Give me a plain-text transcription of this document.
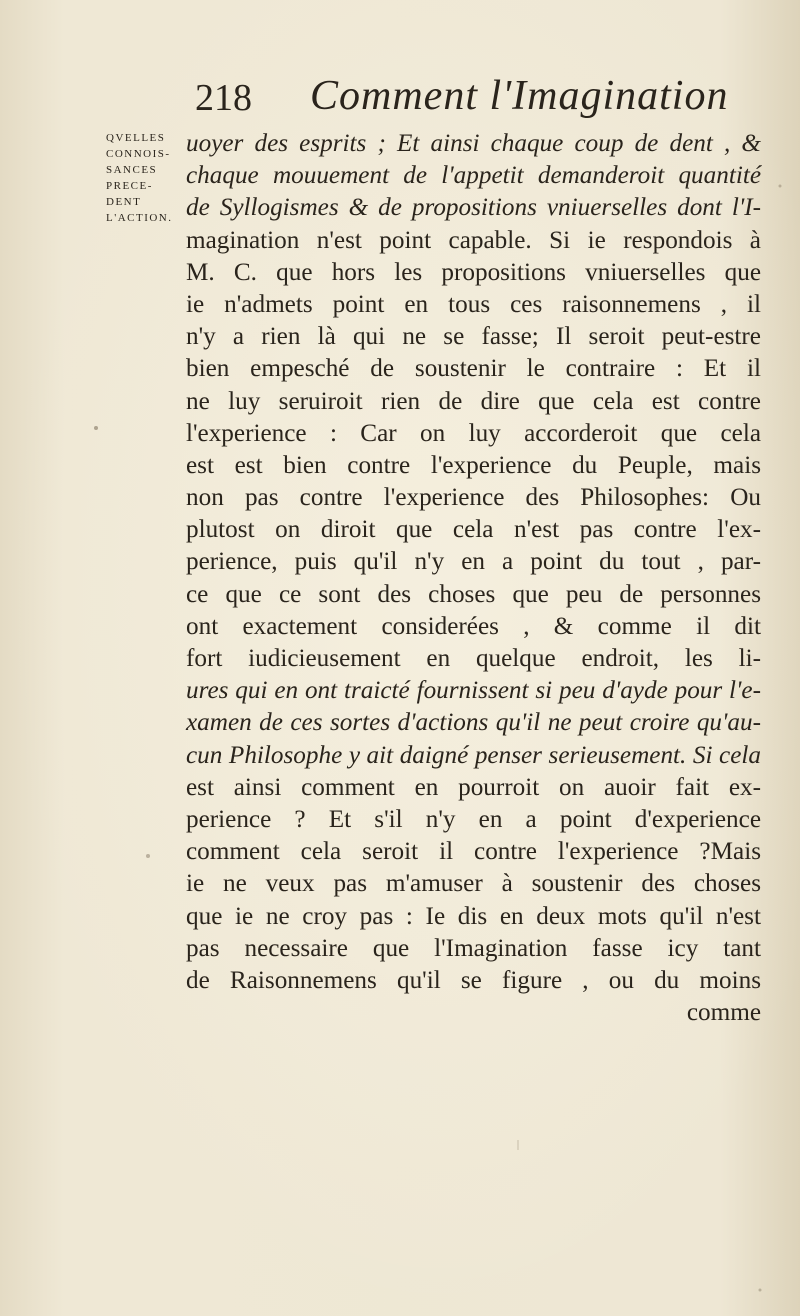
218 Comment l'Imagination
QVELLES
CONNOIS-
SANCES
PRECE-
DENT
L'ACTION.
uoyer des esprits ; Et ainsi chaque coup de dent , &
chaque mouuement de l'appetit demanderoit quantité
de Syllogismes & de propositions vniuerselles dont l'I-
magination n'est point capable. Si ie respondois à
M. C. que hors les propositions vniuerselles que
ie n'admets point en tous ces raisonnemens , il
n'y a rien là qui ne se fasse; Il seroit peut-estre
bien empesché de soustenir le contraire : Et il
ne luy seruiroit rien de dire que cela est contre
l'experience : Car on luy accorderoit que cela
est est bien contre l'experience du Peuple, mais
non pas contre l'experience des Philosophes: Ou
plutost on diroit que cela n'est pas contre l'ex-
perience, puis qu'il n'y en a point du tout , par-
ce que ce sont des choses que peu de personnes
ont exactement considerées , & comme il dit
fort iudicieusement en quelque endroit, les li-
ures qui en ont traicté fournissent si peu d'ayde pour l'e-
xamen de ces sortes d'actions qu'il ne peut croire qu'au-
cun Philosophe y ait daigné penser serieusement. Si cela
est ainsi comment en pourroit on auoir fait ex-
perience ? Et s'il n'y en a point d'experience
comment cela seroit il contre l'experience ?Mais
ie ne veux pas m'amuser à soustenir des choses
que ie ne croy pas : Ie dis en deux mots qu'il n'est
pas necessaire que l'Imagination fasse icy tant
de Raisonnemens qu'il se figure , ou du moins
comme
